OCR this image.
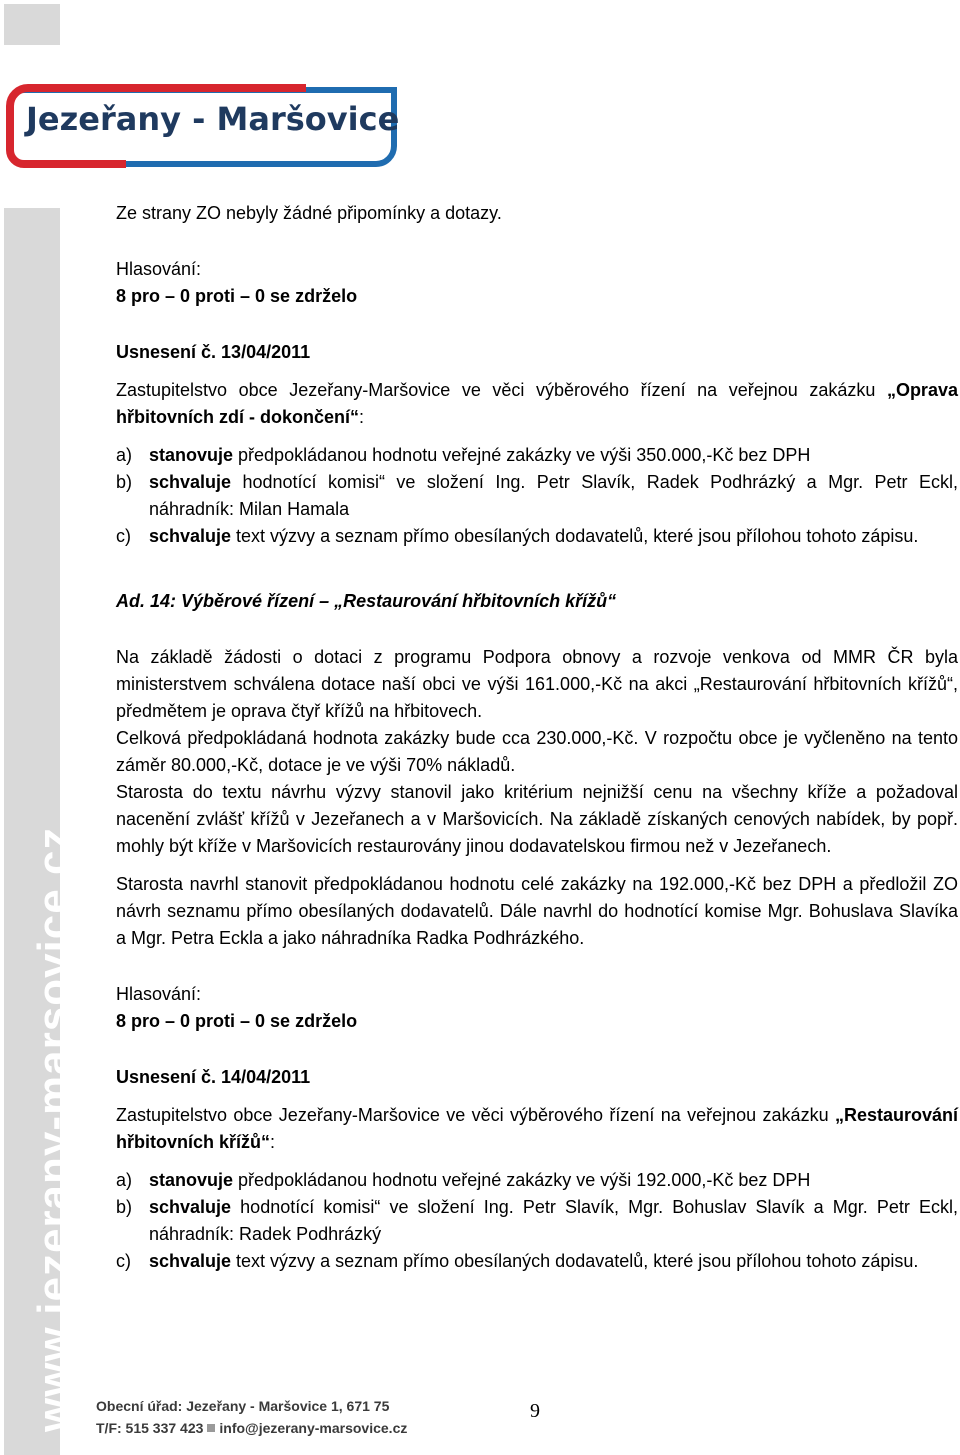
www.jezerany-marsovice.cz
Jezeřany - Maršovice

Ze strany ZO nebyly žádné připomínky a dotazy.

Hlasování:

8 pro – 0 proti – 0 se zdrželo

Usnesení č. 13/04/2011

Zastupitelstvo obce Jezeřany-Maršovice ve věci výběrového řízení na veřejnou zakázku „Oprava hřbitovních zdí - dokončení“:

a) stanovuje předpokládanou hodnotu veřejné zakázky ve výši 350.000,-Kč bez DPH
b) schvaluje hodnotící komisi“ ve složení Ing. Petr Slavík, Radek Podhrázký a Mgr. Petr Eckl, náhradník: Milan Hamala
c)	schvaluje text výzvy a seznam přímo obesílaných dodavatelů, které jsou přílohou tohoto zápisu.

Ad. 14: Výběrové řízení – „Restaurování hřbitovních křížů“

Na základě žádosti o dotaci z programu Podpora obnovy a rozvoje venkova od MMR ČR byla ministerstvem schválena dotace naší obci ve výši 161.000,-Kč na akci „Restaurování hřbitovních křížů“, předmětem je oprava čtyř křížů na hřbitovech.

Celková předpokládaná hodnota zakázky bude cca 230.000,-Kč. V rozpočtu obce je vyčleněno na tento záměr 80.000,-Kč, dotace je ve výši 70% nákladů.

Starosta do textu návrhu výzvy stanovil jako kritérium nejnižší cenu na všechny kříže a požadoval nacenění zvlášť křížů v Jezeřanech a v Maršovicích. Na základě získaných cenových nabídek, by popř. mohly být kříže v Maršovicích restaurovány jinou dodavatelskou firmou než v Jezeřanech.

Starosta navrhl stanovit předpokládanou hodnotu celé zakázky na 192.000,-Kč bez DPH a předložil ZO návrh seznamu přímo obesílaných dodavatelů. Dále navrhl do hodnotící komise Mgr. Bohuslava Slavíka a Mgr. Petra Eckla a jako náhradníka Radka Podhrázkého.

Hlasování:

8 pro – 0 proti – 0 se zdrželo

Usnesení č. 14/04/2011

Zastupitelstvo obce Jezeřany-Maršovice ve věci výběrového řízení na veřejnou zakázku „Restaurování hřbitovních křížů“:

a) stanovuje předpokládanou hodnotu veřejné zakázky ve výši 192.000,-Kč bez DPH
b) schvaluje hodnotící komisi“ ve složení Ing. Petr Slavík, Mgr. Bohuslav Slavík a Mgr. Petr Eckl, náhradník: Radek Podhrázký
c)	schvaluje text výzvy a seznam přímo obesílaných dodavatelů, které jsou přílohou tohoto zápisu.
Obecní úřad: Jezeřany - Maršovice 1, 671 75
T/F: 515 337 423 info@jezerany-marsovice.cz
9
